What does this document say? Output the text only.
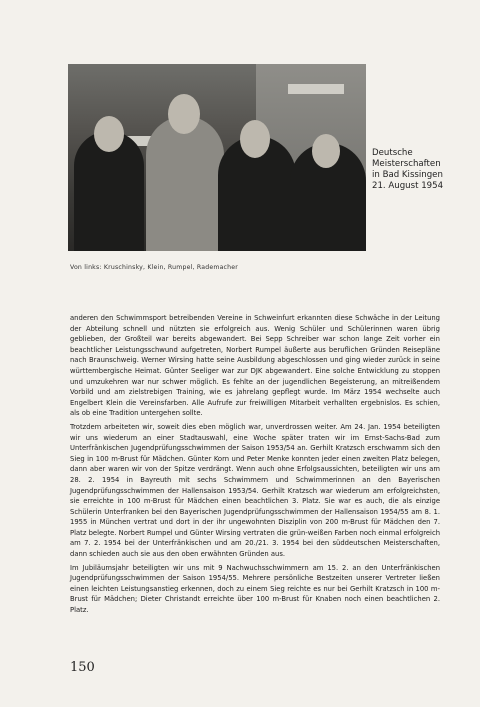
Deutsche
Meisterschaften
in Bad Kissingen
21. August 1954
Von links: Kruschinsky, Klein, Rumpel, Rademacher

anderen den Schwimmsport betreibenden Vereine in Schweinfurt erkannten diese Schwäche in der Leitung der Abteilung schnell und nützten sie erfolgreich aus. Wenig Schüler und Schülerinnen waren übrig geblieben, der Großteil war bereits abgewandert. Bei Sepp Schreiber war schon lange Zeit vorher ein beachtlicher Leistungsschwund aufgetreten, Norbert Rumpel äußerte aus beruflichen Gründen Reisepläne nach Braunschweig. Werner Wirsing hatte seine Ausbildung abgeschlossen und ging wieder zurück in seine württembergische Heimat. Günter Seeliger war zur DJK abgewandert. Eine solche Entwicklung zu stoppen und umzukehren war nur schwer möglich. Es fehlte an der jugendlichen Begeisterung, an mitreißendem Vorbild und am zielstrebigen Training, wie es jahrelang gepflegt wurde. Im März 1954 wechselte auch Engelbert Klein die Vereinsfarben. Alle Aufrufe zur freiwilligen Mitarbeit verhallten ergebnislos. Es schien, als ob eine Tradition untergehen sollte.

Trotzdem arbeiteten wir, soweit dies eben möglich war, unverdrossen weiter. Am 24. Jan. 1954 beteiligten wir uns wiederum an einer Stadtauswahl, eine Woche später traten wir im Ernst-Sachs-Bad zum Unterfränkischen Jugendprüfungsschwimmen der Saison 1953/54 an. Gerhilt Kratzsch erschwamm sich den Sieg in 100 m-Brust für Mädchen. Günter Korn und Peter Menke konnten jeder einen zweiten Platz belegen, dann aber waren wir von der Spitze verdrängt. Wenn auch ohne Erfolgsaussichten, beteiligten wir uns am 28. 2. 1954 in Bayreuth mit sechs Schwimmern und Schwimmerinnen an den Bayerischen Jugendprüfungsschwimmen der Hallensaison 1953/54. Gerhilt Kratzsch war wiederum am erfolgreichsten, sie erreichte in 100 m-Brust für Mädchen einen beachtlichen 3. Platz. Sie war es auch, die als einzige Schülerin Unterfranken bei den Bayerischen Jugendprüfungsschwimmen der Hallensaison 1954/55 am 8. 1. 1955 in München vertrat und dort in der ihr ungewohnten Disziplin von 200 m-Brust für Mädchen den 7. Platz belegte. Norbert Rumpel und Günter Wirsing vertraten die grün-weißen Farben noch einmal erfolgreich am 7. 2. 1954 bei der Unterfränkischen und am 20./21. 3. 1954 bei den süddeutschen Meisterschaften, dann schieden auch sie aus den oben erwähnten Gründen aus.

Im Jubiläumsjahr beteiligten wir uns mit 9 Nachwuchsschwimmern am 15. 2. an den Unterfränkischen Jugendprüfungsschwimmen der Saison 1954/55. Mehrere persönliche Bestzeiten unserer Vertreter ließen einen leichten Leistungsanstieg erkennen, doch zu einem Sieg reichte es nur bei Gerhilt Kratzsch in 100 m-Brust für Mädchen; Dieter Christandt erreichte über 100 m-Brust für Knaben noch einen beachtlichen 2. Platz.

150
